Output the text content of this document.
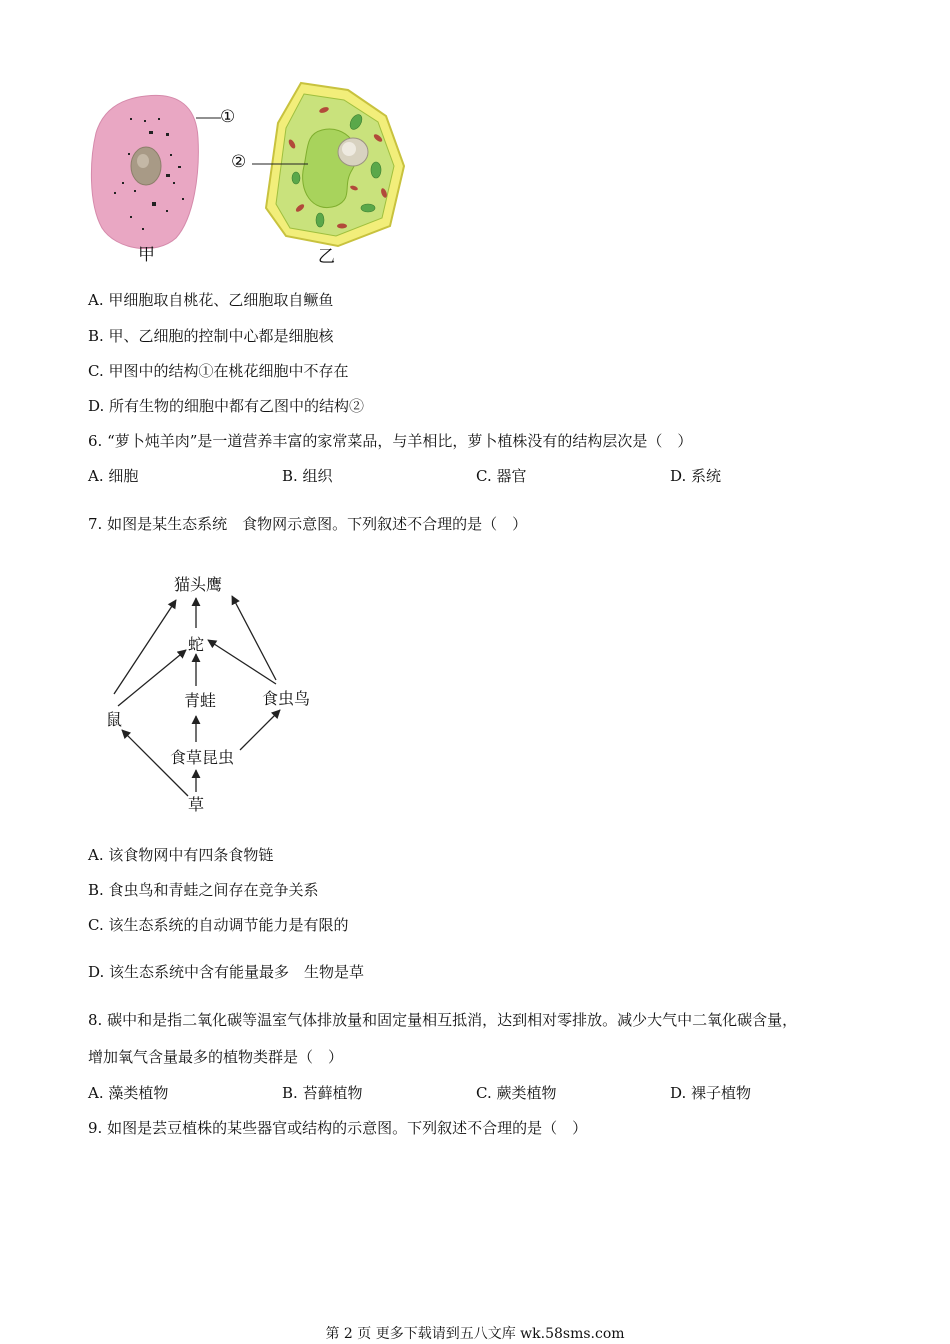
①
②
甲	乙
A. 甲细胞取自桃花、乙细胞取自鳜鱼
B. 甲、乙细胞的控制中心都是细胞核
C. 甲图中的结构①在桃花细胞中不存在
D. 所有生物的细胞中都有乙图中的结构②
6. “萝卜炖羊肉”是一道营养丰富的家常菜品，与羊相比，萝卜植株没有的结构层次是（　）
A. 细胞	B. 组织	C. 器官	D. 系统
7. 如图是某生态系统　食物网示意图。下列叙述不合理的是（　）
猫头鹰
蛇
青蛙	食虫鸟
鼠
食草昆虫
草
A. 该食物网中有四条食物链
B. 食虫鸟和青蛙之间存在竞争关系
C. 该生态系统的自动调节能力是有限的
D. 该生态系统中含有能量最多　生物是草
8. 碳中和是指二氧化碳等温室气体排放量和固定量相互抵消，达到相对零排放。减少大气中二氧化碳含量，
增加氧气含量最多的植物类群是（　）
A. 藻类植物	B. 苔藓植物	C. 蕨类植物	D. 裸子植物
9. 如图是芸豆植株的某些器官或结构的示意图。下列叙述不合理的是（　）
第 2 页 更多下载请到五八文库 wk.58sms.com
